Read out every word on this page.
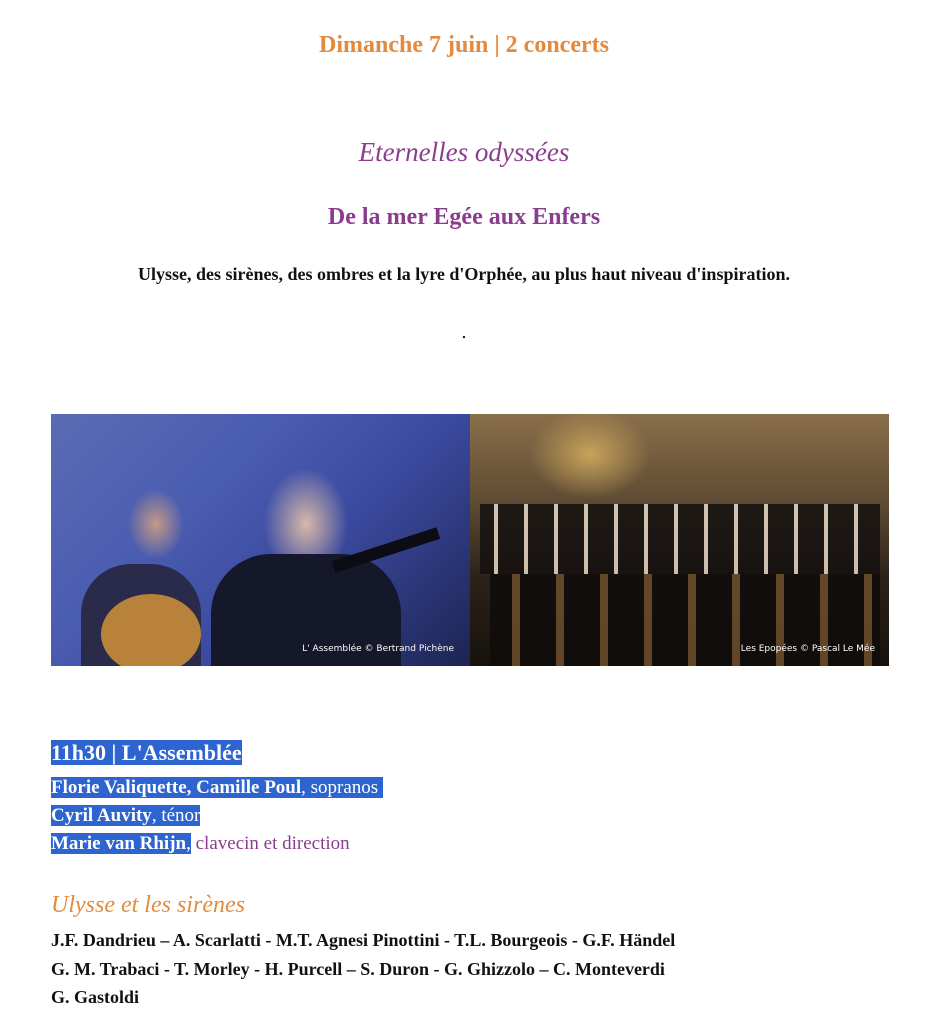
Dimanche 7 juin | 2 concerts
Eternelles odyssées
De la mer Egée aux Enfers
Ulysse, des sirènes, des ombres et la lyre d'Orphée, au plus haut niveau d'inspiration.
.
L' Assemblée © Bertrand Pichène	Les Epopées © Pascal Le Mée
11h30 | L'Assemblée
Florie Valiquette, Camille Poul, sopranos
Cyril Auvity, ténor
Marie van Rhijn, clavecin et direction
Ulysse et les sirènes
J.F. Dandrieu – A. Scarlatti - M.T. Agnesi Pinottini - T.L. Bourgeois - G.F. Händel
G. M. Trabaci - T. Morley - H. Purcell – S. Duron - G. Ghizzolo – C. Monteverdi
G. Gastoldi
